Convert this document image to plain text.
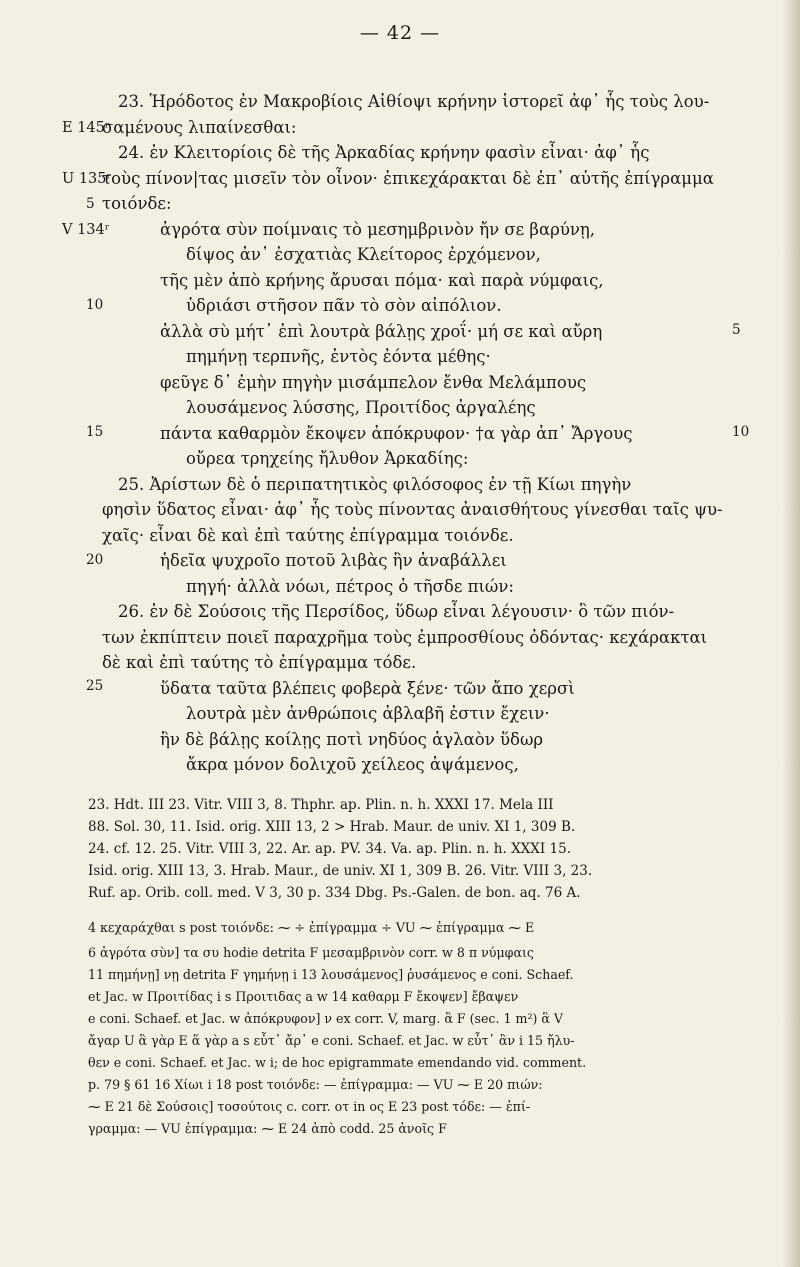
— 42 —
E 145ʳ
U 135ʳ
V 134ʳ
5
10
15
20
25
5
10
23. Ἡρόδοτος ἐν Μακροβίοις Αἰθίοψι κρήνην ἱστορεῖ ἀφ᾽ ἧς τοὺς λου-
σαμένους λιπαίνεσθαι:
24. ἐν Κλειτορίοις δὲ τῆς Ἀρκαδίας κρήνην φασὶν εἶναι· ἀφ᾽ ἧς
τοὺς πίνον|τας μισεῖν τὸν οἶνον· ἐπικεχάρακται δὲ ἐπ᾽ αὐτῆς ἐπίγραμμα
τοιόνδε:
ἀγρότα σὺν ποίμναις τὸ μεσημβρινὸν ἤν σε βαρύνῃ,
δίψος ἀν᾽ ἐσχατιὰς Κλείτορος ἐρχόμενον,
τῆς μὲν ἀπὸ κρήνης ἄρυσαι πόμα· καὶ παρὰ νύμφαις,
ὑδριάσι στῆσον πᾶν τὸ σὸν αἰπόλιον.
ἀλλὰ σὺ μήτ᾽ ἐπὶ λουτρὰ βάλῃς χροΐ· μή σε καὶ αὔρη
πημήνῃ τερπνῆς, ἐντὸς ἐόντα μέθης·
φεῦγε δ᾽ ἐμὴν πηγὴν μισάμπελον ἔνθα Μελάμπους
λουσάμενος λύσσης, Προιτίδος ἀργαλέης
πάντα καθαρμὸν ἔκοψεν ἀπόκρυφον· †α γὰρ ἀπ᾽ Ἄργους
οὔρεα τρηχείης ἤλυθον Ἀρκαδίης:
25. Ἀρίστων δὲ ὁ περιπατητικὸς φιλόσοφος ἐν τῇ Κίωι πηγὴν
φησὶν ὕδατος εἶναι· ἀφ᾽ ἧς τοὺς πίνοντας ἀναισθήτους γίνεσθαι ταῖς ψυ-
χαῖς· εἶναι δὲ καὶ ἐπὶ ταύτης ἐπίγραμμα τοιόνδε.
ἡδεῖα ψυχροῖο ποτοῦ λιβὰς ἣν ἀναβάλλει
πηγή· ἀλλὰ νόωι, πέτρος ὁ τῆσδε πιών:
26. ἐν δὲ Σούσοις τῆς Περσίδος, ὕδωρ εἶναι λέγουσιν· ὃ τῶν πιόν-
των ἐκπίπτειν ποιεῖ παραχρῆμα τοὺς ἐμπροσθίους ὀδόντας· κεχάρακται
δὲ καὶ ἐπὶ ταύτης τὸ ἐπίγραμμα τόδε.
ὕδατα ταῦτα βλέπεις φοβερὰ ξένε· τῶν ἄπο χερσὶ
λουτρὰ μὲν ἀνθρώποις ἀβλαβῆ ἐστιν ἔχειν·
ἢν δὲ βάλῃς κοίλῃς ποτὶ νηδύος ἀγλαὸν ὕδωρ
ἄκρα μόνον δολιχοῦ χείλεος ἀψάμενος,
23. Hdt. III 23. Vitr. VIII 3, 8. Thphr. ap. Plin. n. h. XXXI 17. Mela III
88. Sol. 30, 11. Isid. orig. XIII 13, 2 > Hrab. Maur. de univ. XI 1, 309 B.
24. cf. 12. 25. Vitr. VIII 3, 22. Ar. ap. PV. 34. Va. ap. Plin. n. h. XXXI 15.
Isid. orig. XIII 13, 3. Hrab. Maur., de univ. XI 1, 309 B. 26. Vitr. VIII 3, 23.
Ruf. ap. Orib. coll. med. V 3, 30 p. 334 Dbg. Ps.-Galen. de bon. aq. 76 A.
4 κεχαράχθαι s post τοιόνδε: ⁓ ÷ ἐπίγραμμα ÷ VU ⁓ ἐπίγραμμα ⁓ E
6 ἀγρότα σὺν] τα συ hodie detrita F μεσαμβρινὸν corr. w 8 π νύμφαις
11 πημήνῃ] νῃ detrita F γημήνῃ i 13 λουσάμενος] ῥυσάμενος e coni. Schaef.
et Jac. w Προιτίδας i s Προιτιδας a w 14 καθαρμ F ἔκοψεν] ἔβαψεν
e coni. Schaef. et Jac. w ἀπόκρυφον] ν ex corr. V, marg. ἃ F (sec. 1 m²) ἃ V
ἄγαρ U ἃ γὰρ E ἅ γὰρ a s εὖτ᾽ ἄρ᾽ e coni. Schaef. et Jac. w εὖτ᾽ ἂν i 15 ἤλυ-
θεν e coni. Schaef. et Jac. w i; de hoc epigrammate emendando vid. comment.
p. 79 § 61 16 Χίωι i 18 post τοιόνδε: — ἐπίγραμμα: — VU ⁓ E 20 πιών:
⁓ E 21 δὲ Σούσοις] τοσούτοις c. corr. οτ in ος E 23 post τόδε: — ἐπί-
γραμμα: — VU ἐπίγραμμα: ⁓ E 24 ἀπὸ codd. 25 ἀνοῖς F
